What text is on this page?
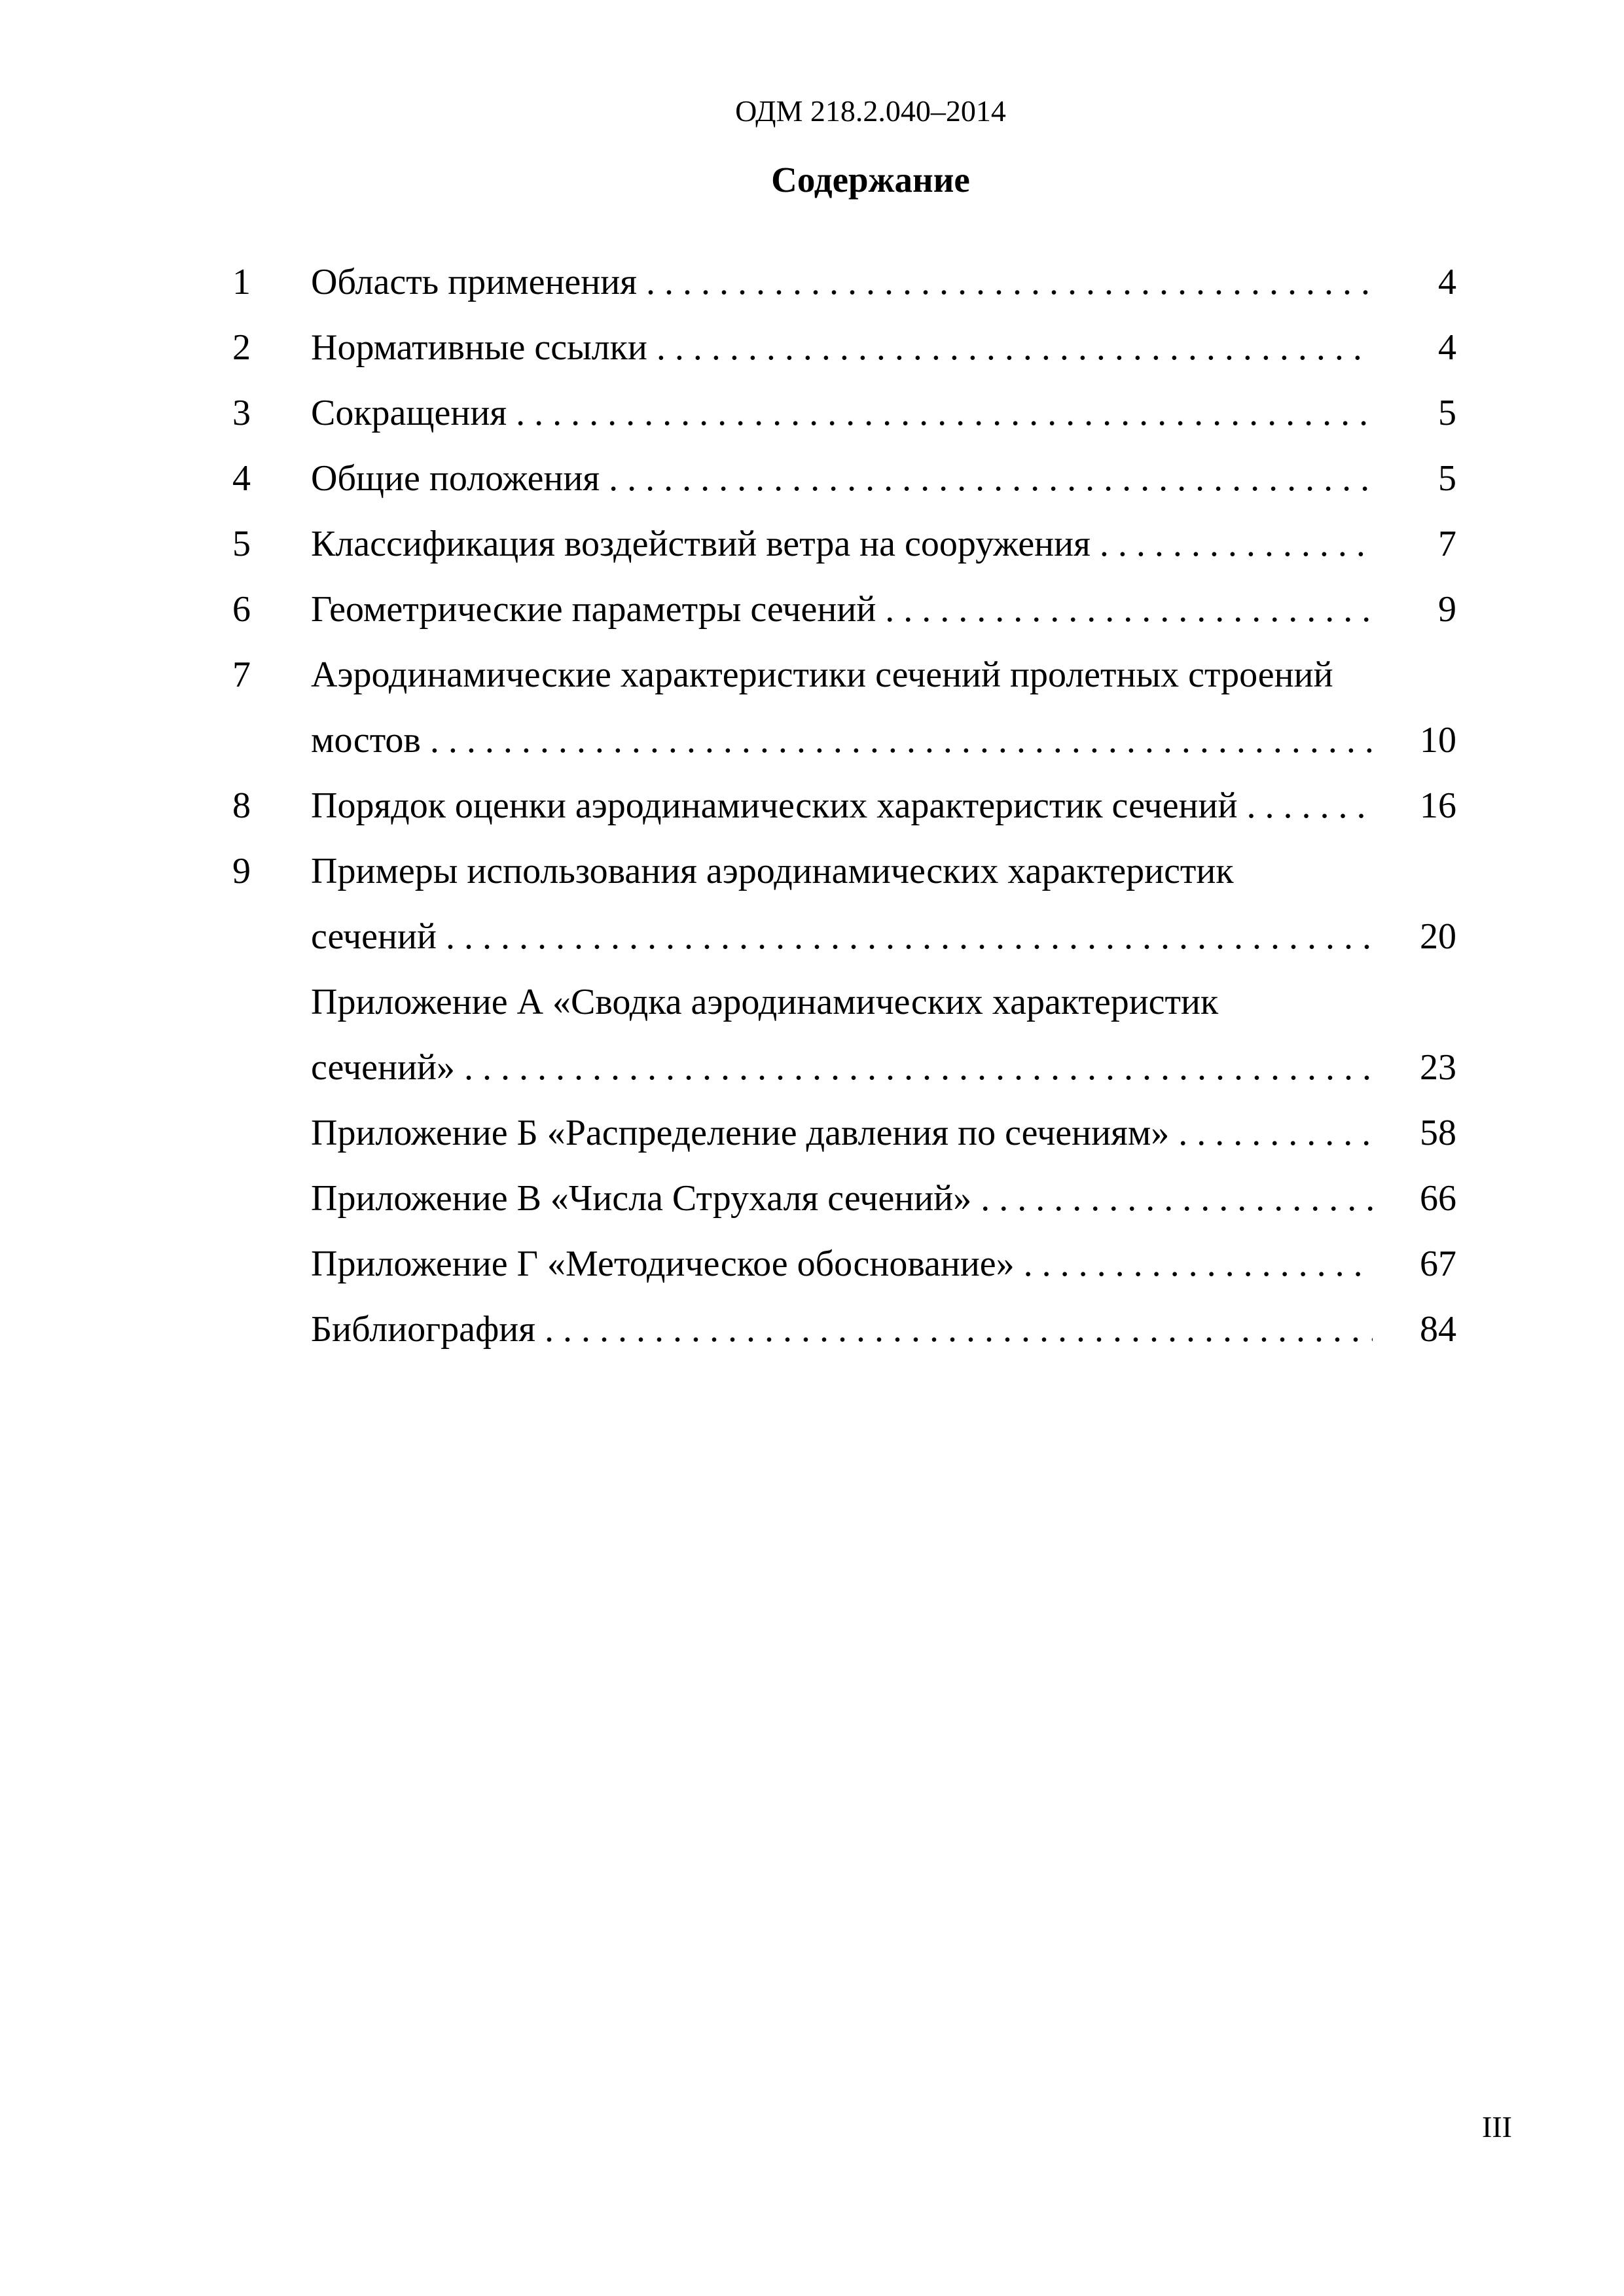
ОДМ 218.2.040–2014
Содержание
1 Область применения . . .	4
2 Нормативные ссылки . . .	4
3 Сокращения . . .	5
4 Общие положения . . .	5
5 Классификация воздействий ветра на сооружения . . .	7
6 Геометрические параметры сечений . . .	9
7 Аэродинамические характеристики сечений пролетных строений
мостов . . .	10
8 Порядок оценки аэродинамических характеристик сечений . . .	16
9 Примеры использования аэродинамических характеристик
сечений . . .	20
Приложение А «Сводка аэродинамических характеристик
сечений» . . .	23
Приложение Б «Распределение давления по сечениям» . . .	58
Приложение В «Числа Струхаля сечений» . . .	66
Приложение Г «Методическое обоснование» . . .	67
Библиография . . .	84
III
